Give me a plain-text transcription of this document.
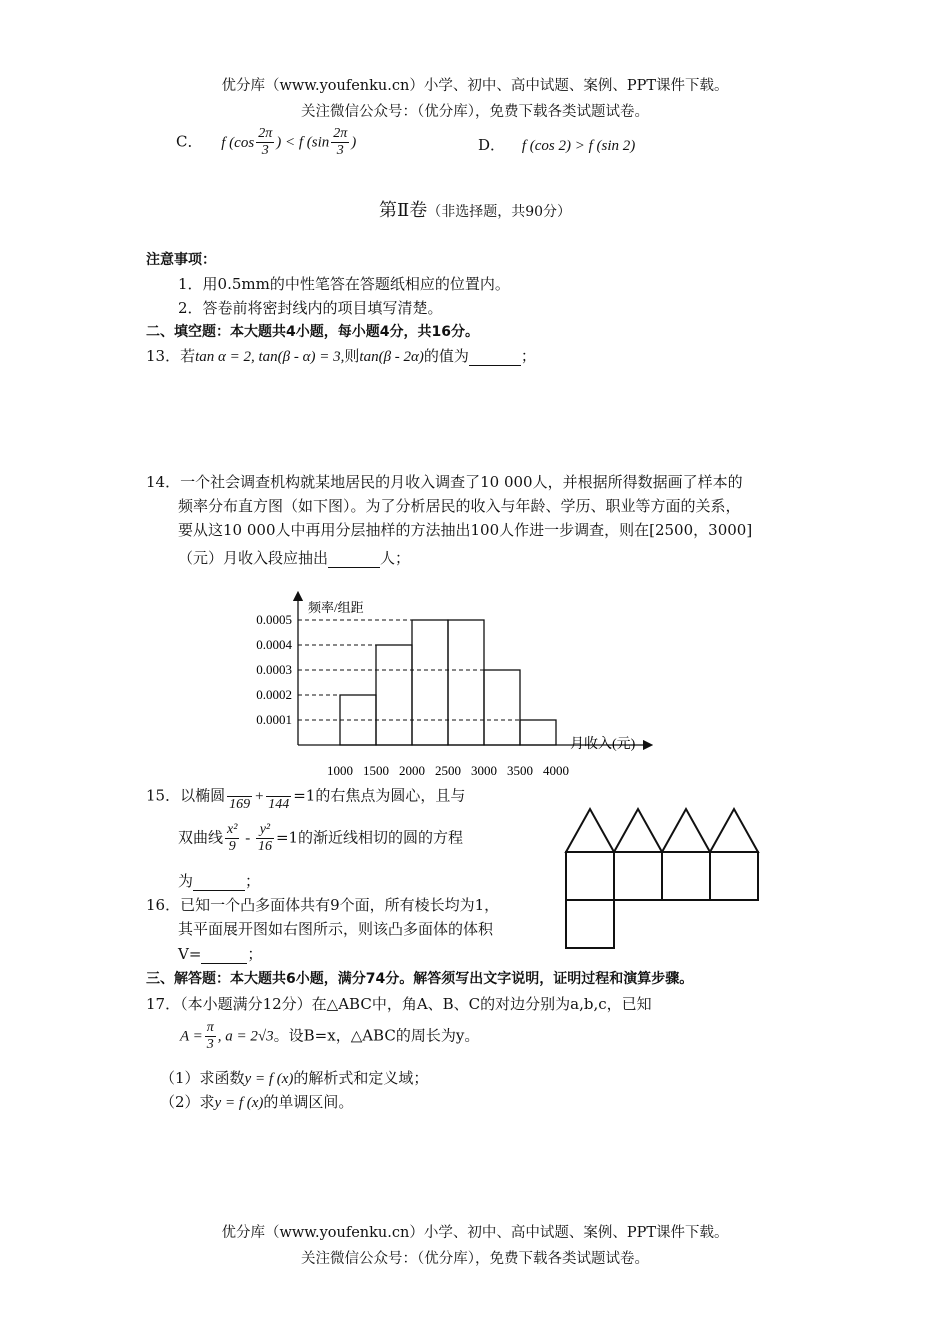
优分库（www.youfenku.cn）小学、初中、高中试题、案例、PPT课件下载。
关注微信公众号：（优分库），免费下载各类试题试卷。
C． f ($\cos \frac{2\pi}{3}$ ) < f ($\sin \frac{2\pi}{3}$ )	D． f (cos 2) > f (sin 2)
第Ⅱ卷（非选择题，共90分）
注意事项：
1．用0.5mm的中性笔答在答题纸相应的位置内。
2．答卷前将密封线内的项目填写清楚。
二、填空题：本大题共4小题，每小题4分，共16分。
13．若tan α = 2, tan(β - α) = 3,则tan(β - 2α)的值为	；
14．一个社会调查机构就某地居民的月收入调查了10 000人，并根据所得数据画了样本的
频率分布直方图（如下图）。为了分析居民的收入与年龄、学历、职业等方面的关系，
要从这10 000人中再用分层抽样的方法抽出100人作进一步调查，则在[2500，3000]
（元）月收入段应抽出	人；
频率/组距
月收入(元)
0.0001
0.0002
0.0003
0.0004
0.0005
1000 1500 2000 2500 3000 3500 4000
15．以椭圆
169 +
144 =1的右焦点为圆心，且与
双曲线 $\frac{\text{x²}}{9} - \frac{\text{y²}}{16} =1$的渐近线相切的圆的方程
为	；
16．已知一个凸多面体共有9个面，所有棱长均为1，
其平面展开图如右图所示，则该凸多面体的体积
V=	；
三、解答题：本大题共6小题，满分74分。解答须写出文字说明，证明过程和演算步骤。
17．（本小题满分12分）在△ABC中，角A、B、C的对边分别为a,b,c，已知
$A = \frac{\pi}{3}$ , a = 2√3。设B=x，△ABC的周长为y。
（1）求函数y = f (x)的解析式和定义域；
（2）求y = f (x)的单调区间。
优分库（www.youfenku.cn）小学、初中、高中试题、案例、PPT课件下载。
关注微信公众号：（优分库），免费下载各类试题试卷。
